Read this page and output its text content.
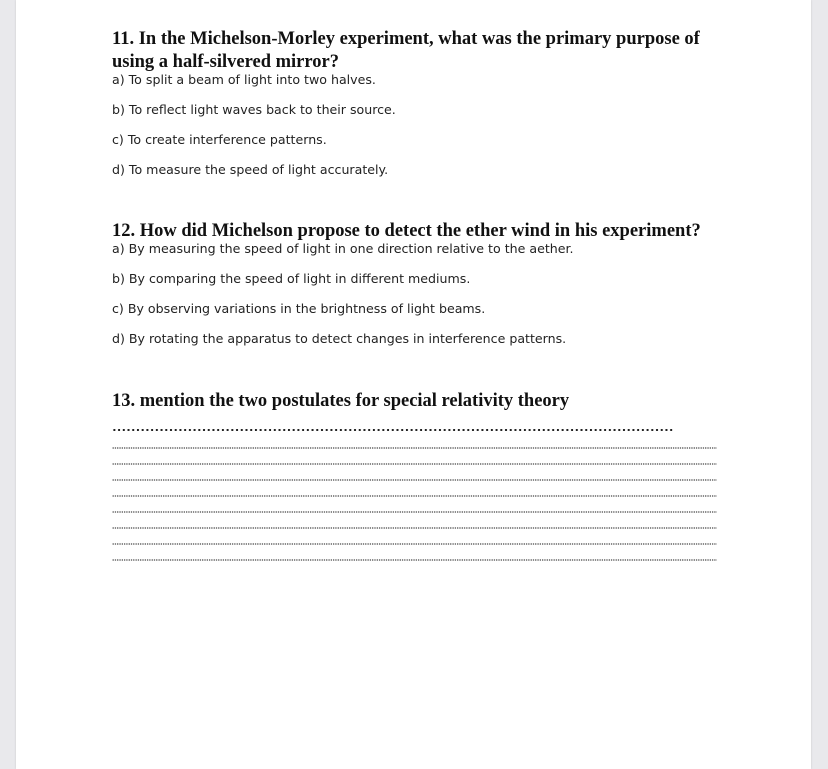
11. In the Michelson-Morley experiment, what was the primary purpose of using a half-silvered mirror?

a) To split a beam of light into two halves.

b) To reflect light waves back to their source.

c) To create interference patterns.

d) To measure the speed of light accurately.

12. How did Michelson propose to detect the ether wind in his experiment?

a) By measuring the speed of light in one direction relative to the aether.

b) By comparing the speed of light in different mediums.

c) By observing variations in the brightness of light beams.

d) By rotating the apparatus to detect changes in interference patterns.

13. mention the two postulates for special relativity theory
